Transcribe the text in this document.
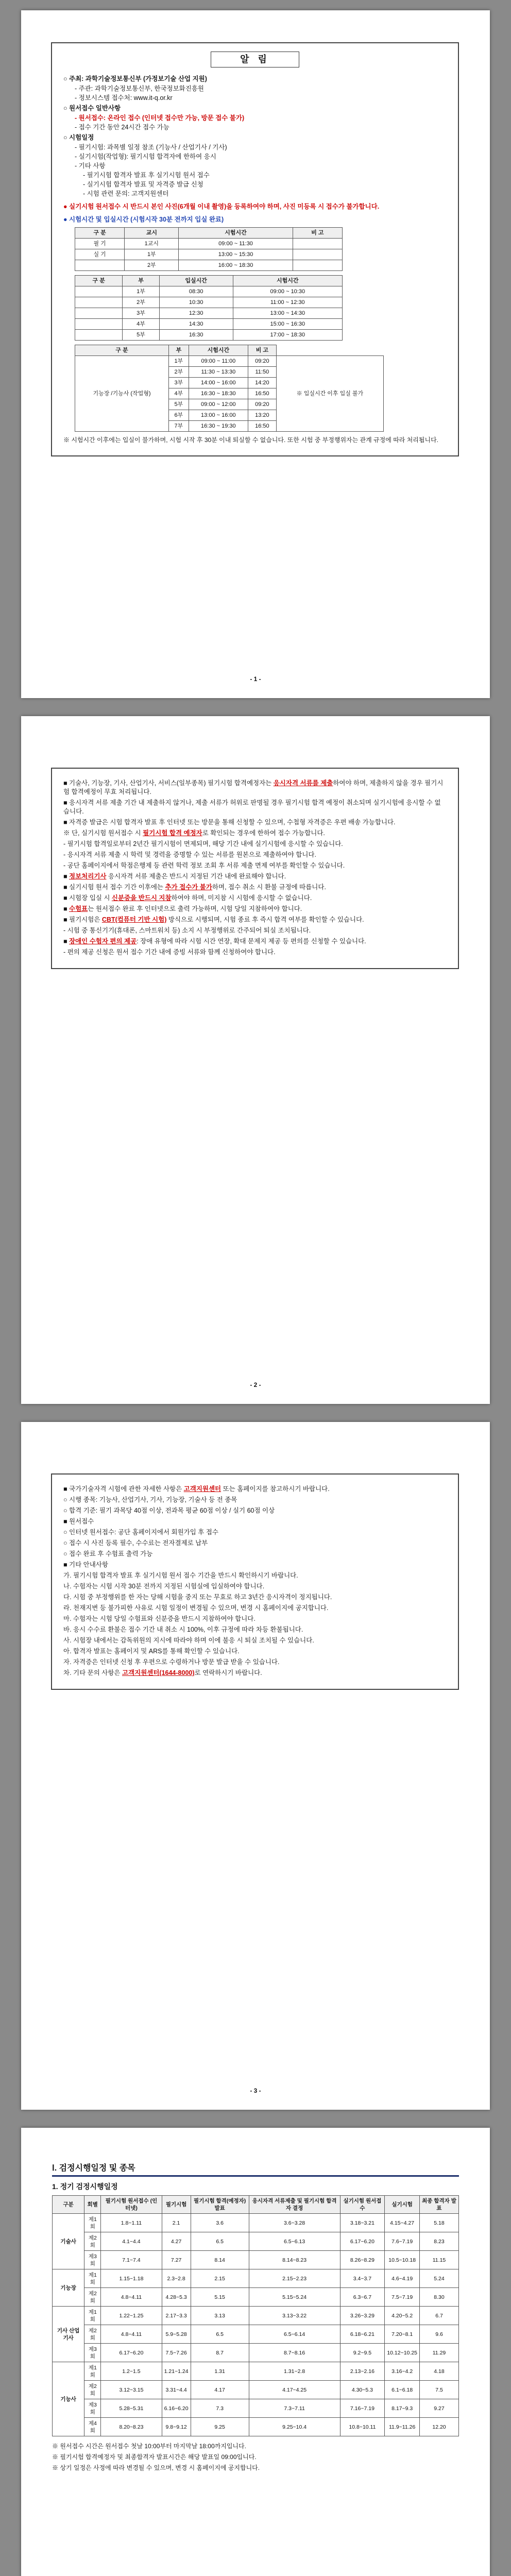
알 림
○ 주최: 과학기술정보통신부 (가정보기술 산업 지원)
- 주관: 과학기술정보통신부, 한국정보화진흥원
- 정보시스템 접수처: www.it-q.or.kr
○ 원서접수 일반사항
- 원서접수: 온라인 접수 (인터넷 접수만 가능, 방문 접수 불가)
- 접수 기간 동안 24시간 접수 가능
○ 시험일정
- 필기시험: 과목별 일정 참조 (기능사 / 산업기사 / 기사)
- 실기시험(작업형): 필기시험 합격자에 한하여 응시
- 기타 사항
- 필기시험 합격자 발표 후 실기시험 원서 접수
- 실기시험 합격자 발표 및 자격증 발급 신청
- 시험 관련 문의: 고객지원센터
● 실기시험 원서접수 시 반드시 본인 사진(6개월 이내 촬영)을 등록하여야 하며, 사진 미등록 시 접수가 불가합니다.
● 시험시간 및 입실시간 (시험시작 30분 전까지 입실 완료)
구 분	교시	시험시간	비 고
필 기	1교시	09:00 ~ 11:30	
실 기	1부	13:00 ~ 15:30	
	2부	16:00 ~ 18:30	
구 분	부	입실시간	시험시간
	1부	08:30	09:00 ~ 10:30
	2부	10:30	11:00 ~ 12:30
	3부	12:30	13:00 ~ 14:30
	4부	14:30	15:00 ~ 16:30
	5부	16:30	17:00 ~ 18:30
구 분	부	시험시간	비 고	
기능장 /기능사 (작업형)	1부	09:00 ~ 11:00	09:20	※ 입실시간 이후 입실 불가
	2부	11:30 ~ 13:30	11:50	
	3부	14:00 ~ 16:00	14:20	
	4부	16:30 ~ 18:30	16:50	
	5부	09:00 ~ 12:00	09:20	
	6부	13:00 ~ 16:00	13:20	
	7부	16:30 ~ 19:30	16:50	
※ 시험시간 이후에는 입실이 불가하며, 시험 시작 후 30분 이내 퇴실할 수 없습니다. 또한 시험 중 부정행위자는 관계 규정에 따라 처리됩니다.
- 1 -
■ 기술사, 기능장, 기사, 산업기사, 서비스(일부종목) 필기시험 합격예정자는 응시자격 서류를 제출하여야 하며, 제출하지 않을 경우 필기시험 합격예정이 무효 처리됩니다.
■ 응시자격 서류 제출 기간 내 제출하지 않거나, 제출 서류가 허위로 판명될 경우 필기시험 합격 예정이 취소되며 실기시험에 응시할 수 없습니다.
■ 자격증 발급은 시험 합격자 발표 후 인터넷 또는 방문을 통해 신청할 수 있으며, 수첩형 자격증은 우편 배송 가능합니다.
※ 단, 실기시험 원서접수 시 필기시험 합격 예정자로 확인되는 경우에 한하여 접수 가능합니다.
- 필기시험 합격일로부터 2년간 필기시험이 면제되며, 해당 기간 내에 실기시험에 응시할 수 있습니다.
- 응시자격 서류 제출 시 학력 및 경력을 증명할 수 있는 서류를 원본으로 제출하여야 합니다.
- 공단 홈페이지에서 학점은행제 등 관련 학력 정보 조회 후 서류 제출 면제 여부를 확인할 수 있습니다.
■ 정보처리기사 응시자격 서류 제출은 반드시 지정된 기간 내에 완료해야 합니다.
■ 실기시험 원서 접수 기간 이후에는 추가 접수가 불가하며, 접수 취소 시 환불 규정에 따릅니다.
■ 시험장 입실 시 신분증을 반드시 지참하여야 하며, 미지참 시 시험에 응시할 수 없습니다.
■ 수험표는 원서접수 완료 후 인터넷으로 출력 가능하며, 시험 당일 지참하여야 합니다.
■ 필기시험은 CBT(컴퓨터 기반 시험) 방식으로 시행되며, 시험 종료 후 즉시 합격 여부를 확인할 수 있습니다.
- 시험 중 통신기기(휴대폰, 스마트워치 등) 소지 시 부정행위로 간주되어 퇴실 조치됩니다.
■ 장애인 수험자 편의 제공: 장애 유형에 따라 시험 시간 연장, 확대 문제지 제공 등 편의를 신청할 수 있습니다.
- 편의 제공 신청은 원서 접수 기간 내에 증빙 서류와 함께 신청하여야 합니다.
- 2 -
■ 국가기술자격 시험에 관한 자세한 사항은 고객지원센터 또는 홈페이지를 참고하시기 바랍니다.
○ 시행 종목: 기능사, 산업기사, 기사, 기능장, 기술사 등 전 종목
○ 합격 기준: 필기 과목당 40점 이상, 전과목 평균 60점 이상 / 실기 60점 이상
■ 원서접수
○ 인터넷 원서접수: 공단 홈페이지에서 회원가입 후 접수
○ 접수 시 사진 등록 필수, 수수료는 전자결제로 납부
○ 접수 완료 후 수험표 출력 가능
■ 기타 안내사항
가. 필기시험 합격자 발표 후 실기시험 원서 접수 기간을 반드시 확인하시기 바랍니다.
나. 수험자는 시험 시작 30분 전까지 지정된 시험실에 입실하여야 합니다.
다. 시험 중 부정행위를 한 자는 당해 시험을 중지 또는 무효로 하고 3년간 응시자격이 정지됩니다.
라. 천재지변 등 불가피한 사유로 시험 일정이 변경될 수 있으며, 변경 시 홈페이지에 공지합니다.
마. 수험자는 시험 당일 수험표와 신분증을 반드시 지참하여야 합니다.
바. 응시 수수료 환불은 접수 기간 내 취소 시 100%, 이후 규정에 따라 차등 환불됩니다.
사. 시험장 내에서는 감독위원의 지시에 따라야 하며 이에 불응 시 퇴실 조치될 수 있습니다.
아. 합격자 발표는 홈페이지 및 ARS를 통해 확인할 수 있습니다.
자. 자격증은 인터넷 신청 후 우편으로 수령하거나 방문 발급 받을 수 있습니다.
차. 기타 문의 사항은 고객지원센터(1644-8000)로 연락하시기 바랍니다.
- 3 -
Ⅰ. 검정시행일정 및 종목
1. 정기 검정시행일정
구분	회별	필기시험 원서접수 (인터넷)	필기시험	필기시험 합격(예정자) 발표	응시자격 서류제출 및 필기시험 합격자 결정	실기시험 원서접수	실기시험	최종 합격자 발표
기술사	제1회	1.8~1.11	2.1	3.6	3.6~3.28	3.18~3.21	4.15~4.27	5.18
	제2회	4.1~4.4	4.27	6.5	6.5~6.13	6.17~6.20	7.6~7.19	8.23
	제3회	7.1~7.4	7.27	8.14	8.14~8.23	8.26~8.29	10.5~10.18	11.15
기능장	제1회	1.15~1.18	2.3~2.8	2.15	2.15~2.23	3.4~3.7	4.6~4.19	5.24
	제2회	4.8~4.11	4.28~5.3	5.15	5.15~5.24	6.3~6.7	7.5~7.19	8.30
기사 산업기사	제1회	1.22~1.25	2.17~3.3	3.13	3.13~3.22	3.26~3.29	4.20~5.2	6.7
	제2회	4.8~4.11	5.9~5.28	6.5	6.5~6.14	6.18~6.21	7.20~8.1	9.6
	제3회	6.17~6.20	7.5~7.26	8.7	8.7~8.16	9.2~9.5	10.12~10.25	11.29
기능사	제1회	1.2~1.5	1.21~1.24	1.31	1.31~2.8	2.13~2.16	3.16~4.2	4.18
	제2회	3.12~3.15	3.31~4.4	4.17	4.17~4.25	4.30~5.3	6.1~6.18	7.5
	제3회	5.28~5.31	6.16~6.20	7.3	7.3~7.11	7.16~7.19	8.17~9.3	9.27
	제4회	8.20~8.23	9.8~9.12	9.25	9.25~10.4	10.8~10.11	11.9~11.26	12.20
※ 원서접수 시간은 원서접수 첫날 10:00부터 마지막날 18:00까지입니다.
※ 필기시험 합격예정자 및 최종합격자 발표시간은 해당 발표일 09:00입니다.
※ 상기 일정은 사정에 따라 변경될 수 있으며, 변경 시 홈페이지에 공지합니다.
